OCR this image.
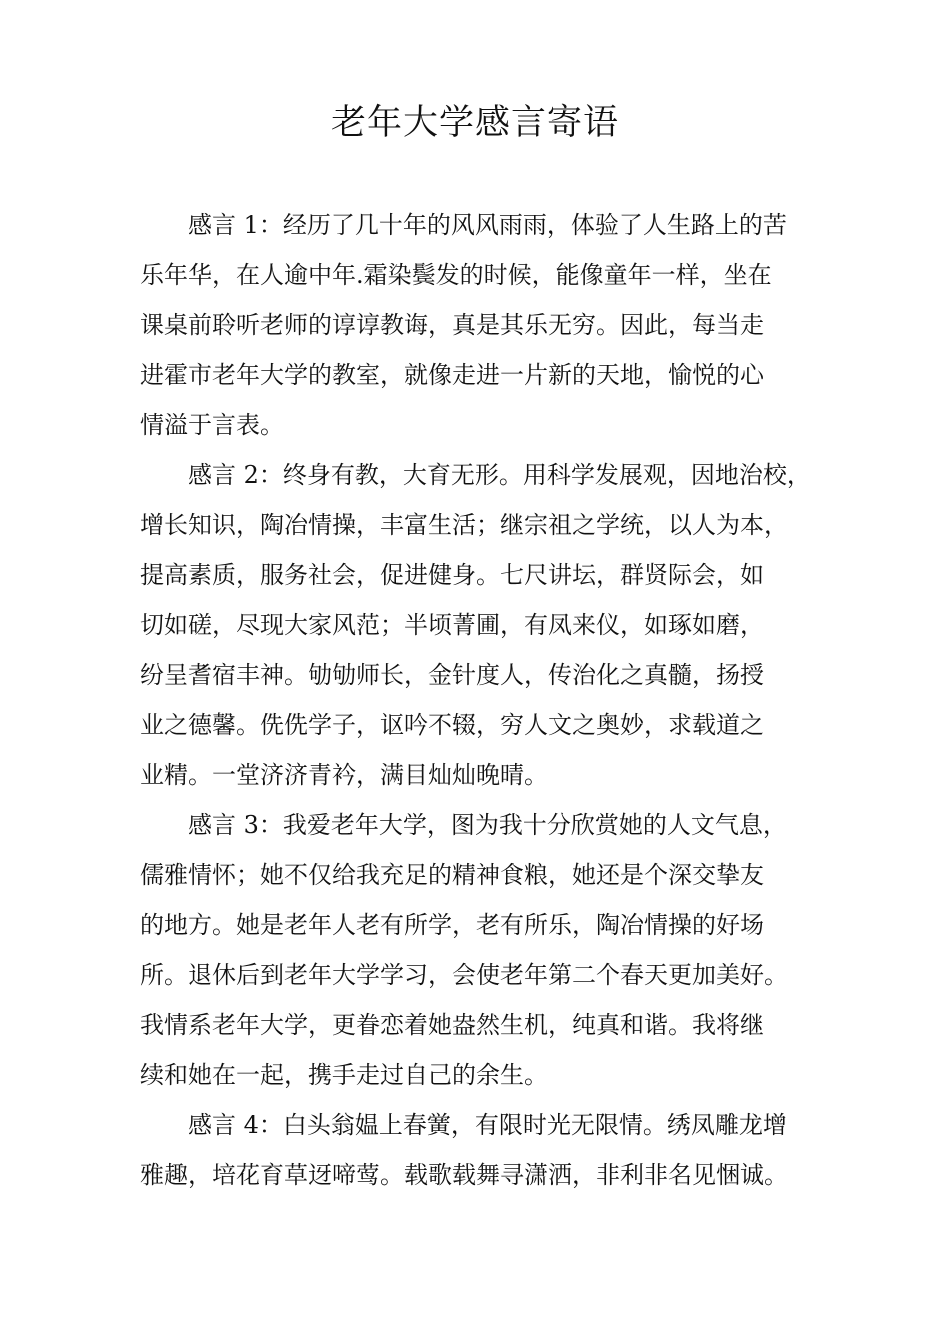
老年大学感言寄语
　　感言 1：经历了几十年的风风雨雨，体验了人生路上的苦
乐年华，在人逾中年.霜染鬓发的时候，能像童年一样，坐在
课桌前聆听老师的谆谆教诲，真是其乐无穷。因此，每当走
进霍市老年大学的教室，就像走进一片新的天地，愉悦的心
情溢于言表。
　　感言 2：终身有教，大育无形。用科学发展观，因地治校，
增长知识，陶冶情操，丰富生活；继宗祖之学统，以人为本，
提高素质，服务社会，促进健身。七尺讲坛，群贤际会，如
切如磋，尽现大家风范；半顷菁圃，有凤来仪，如琢如磨，
纷呈耆宿丰神。劬劬师长，金针度人，传治化之真髓，扬授
业之德馨。侁侁学子，讴吟不辍，穷人文之奥妙，求载道之
业精。一堂济济青衿，满目灿灿晚晴。
　　感言 3：我爱老年大学，图为我十分欣赏她的人文气息，
儒雅情怀；她不仅给我充足的精神食粮，她还是个深交挚友
的地方。她是老年人老有所学，老有所乐，陶冶情操的好场
所。退休后到老年大学学习，会使老年第二个春天更加美好。
我情系老年大学，更眷恋着她盎然生机，纯真和谐。我将继
续和她在一起，携手走过自己的余生。
　　感言 4：白头翁媪上春黉，有限时光无限情。绣凤雕龙增
雅趣，培花育草迓啼莺。载歌载舞寻潇洒，非利非名见悃诚。
